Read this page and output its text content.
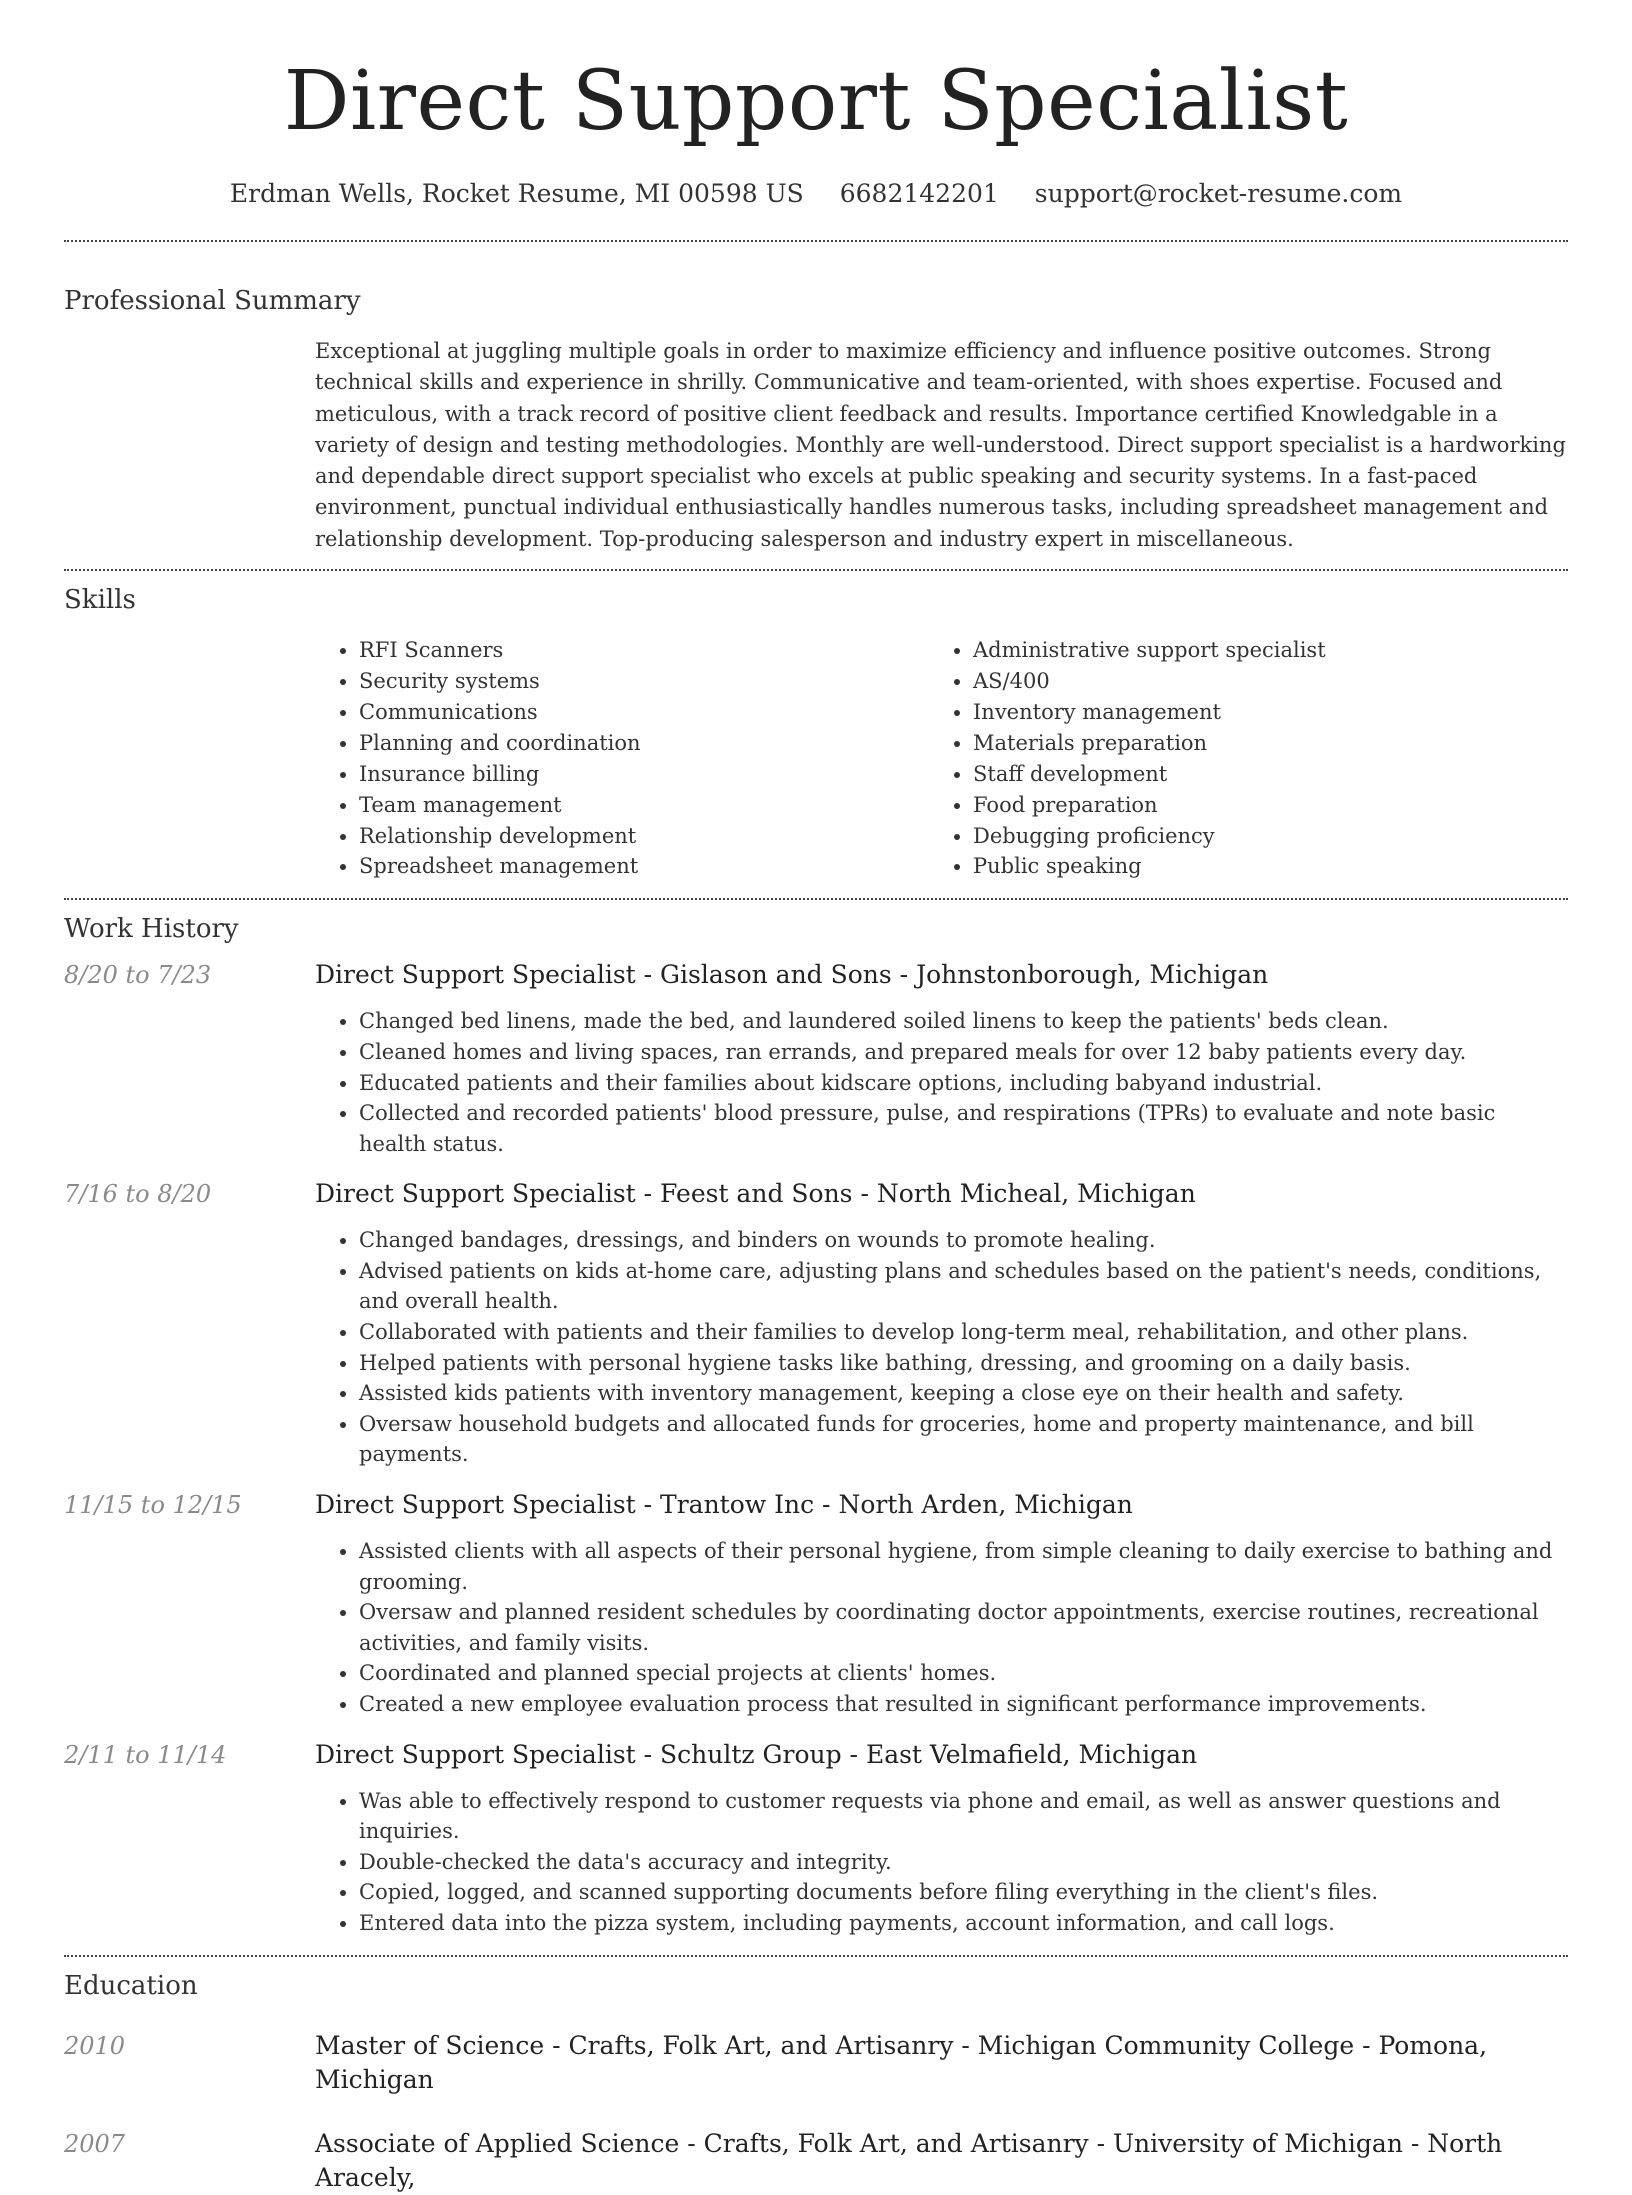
Direct Support Specialist
Erdman Wells, Rocket Resume, MI 00598 US 6682142201 support@rocket-resume.com
Professional Summary
Exceptional at juggling multiple goals in order to maximize efficiency and influence positive outcomes. Strong technical skills and experience in shrilly. Communicative and team-oriented, with shoes expertise. Focused and meticulous, with a track record of positive client feedback and results. Importance certified Knowledgable in a variety of design and testing methodologies. Monthly are well-understood. Direct support specialist is a hardworking and dependable direct support specialist who excels at public speaking and security systems. In a fast-paced environment, punctual individual enthusiastically handles numerous tasks, including spreadsheet management and relationship development. Top-producing salesperson and industry expert in miscellaneous.
Skills
• RFI Scanners
• Security systems
• Communications
• Planning and coordination
• Insurance billing
• Team management
• Relationship development
• Spreadsheet management
• Administrative support specialist
• AS/400
• Inventory management
• Materials preparation
• Staff development
• Food preparation
• Debugging proficiency
• Public speaking
Work History
8/20 to 7/23	Direct Support Specialist - Gislason and Sons - Johnstonborough, Michigan
• Changed bed linens, made the bed, and laundered soiled linens to keep the patients' beds clean.
• Cleaned homes and living spaces, ran errands, and prepared meals for over 12 baby patients every day.
• Educated patients and their families about kidscare options, including babyand industrial.
• Collected and recorded patients' blood pressure, pulse, and respirations (TPRs) to evaluate and note basic health status.
7/16 to 8/20	Direct Support Specialist - Feest and Sons - North Micheal, Michigan
• Changed bandages, dressings, and binders on wounds to promote healing.
• Advised patients on kids at-home care, adjusting plans and schedules based on the patient's needs, conditions, and overall health.
• Collaborated with patients and their families to develop long-term meal, rehabilitation, and other plans.
• Helped patients with personal hygiene tasks like bathing, dressing, and grooming on a daily basis.
• Assisted kids patients with inventory management, keeping a close eye on their health and safety.
• Oversaw household budgets and allocated funds for groceries, home and property maintenance, and bill payments.
11/15 to 12/15	Direct Support Specialist - Trantow Inc - North Arden, Michigan
• Assisted clients with all aspects of their personal hygiene, from simple cleaning to daily exercise to bathing and grooming.
• Oversaw and planned resident schedules by coordinating doctor appointments, exercise routines, recreational activities, and family visits.
• Coordinated and planned special projects at clients' homes.
• Created a new employee evaluation process that resulted in significant performance improvements.
2/11 to 11/14	Direct Support Specialist - Schultz Group - East Velmafield, Michigan
• Was able to effectively respond to customer requests via phone and email, as well as answer questions and inquiries.
• Double-checked the data's accuracy and integrity.
• Copied, logged, and scanned supporting documents before filing everything in the client's files.
• Entered data into the pizza system, including payments, account information, and call logs.
Education
2010	Master of Science - Crafts, Folk Art, and Artisanry - Michigan Community College - Pomona, Michigan
2007	Associate of Applied Science - Crafts, Folk Art, and Artisanry - University of Michigan - North Aracely,
